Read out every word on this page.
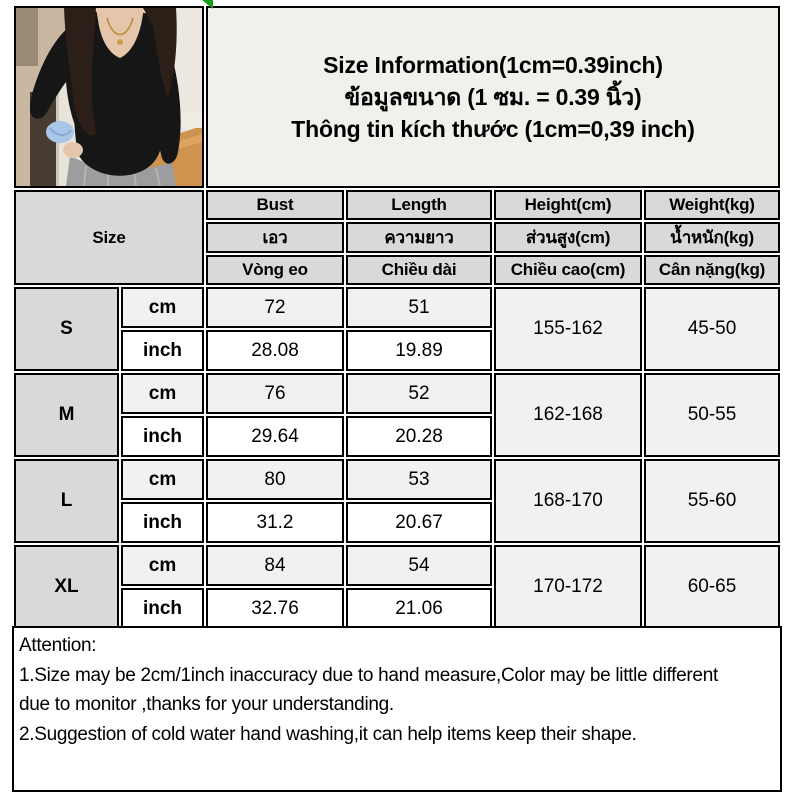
Size Information(1cm=0.39inch)
ข้อมูลขนาด (1 ซม. = 0.39 นิ้ว)
Thông tin kích thước (1cm=0,39 inch)			

Size		Bust	Length	Height(cm)	Weight(kg)
		เอว	ความยาว	ส่วนสูง(cm)	น้ำหนัก(kg)
		Vòng eo	Chiều dài	Chiều cao(cm)	Cân nặng(kg)
S	cm	72	51	155-162	45-50
	inch	28.08	19.89		
M	cm	76	52	162-168	50-55
	inch	29.64	20.28		
L	cm	80	53	168-170	55-60
	inch	31.2	20.67		
XL	cm	84	54	170-172	60-65
	inch	32.76	21.06		
Attention:
1.Size may be 2cm/1inch inaccuracy due to hand measure,Color may be little different
due to monitor ,thanks for your understanding.
2.Suggestion of cold water hand washing,it can help items keep their shape.
